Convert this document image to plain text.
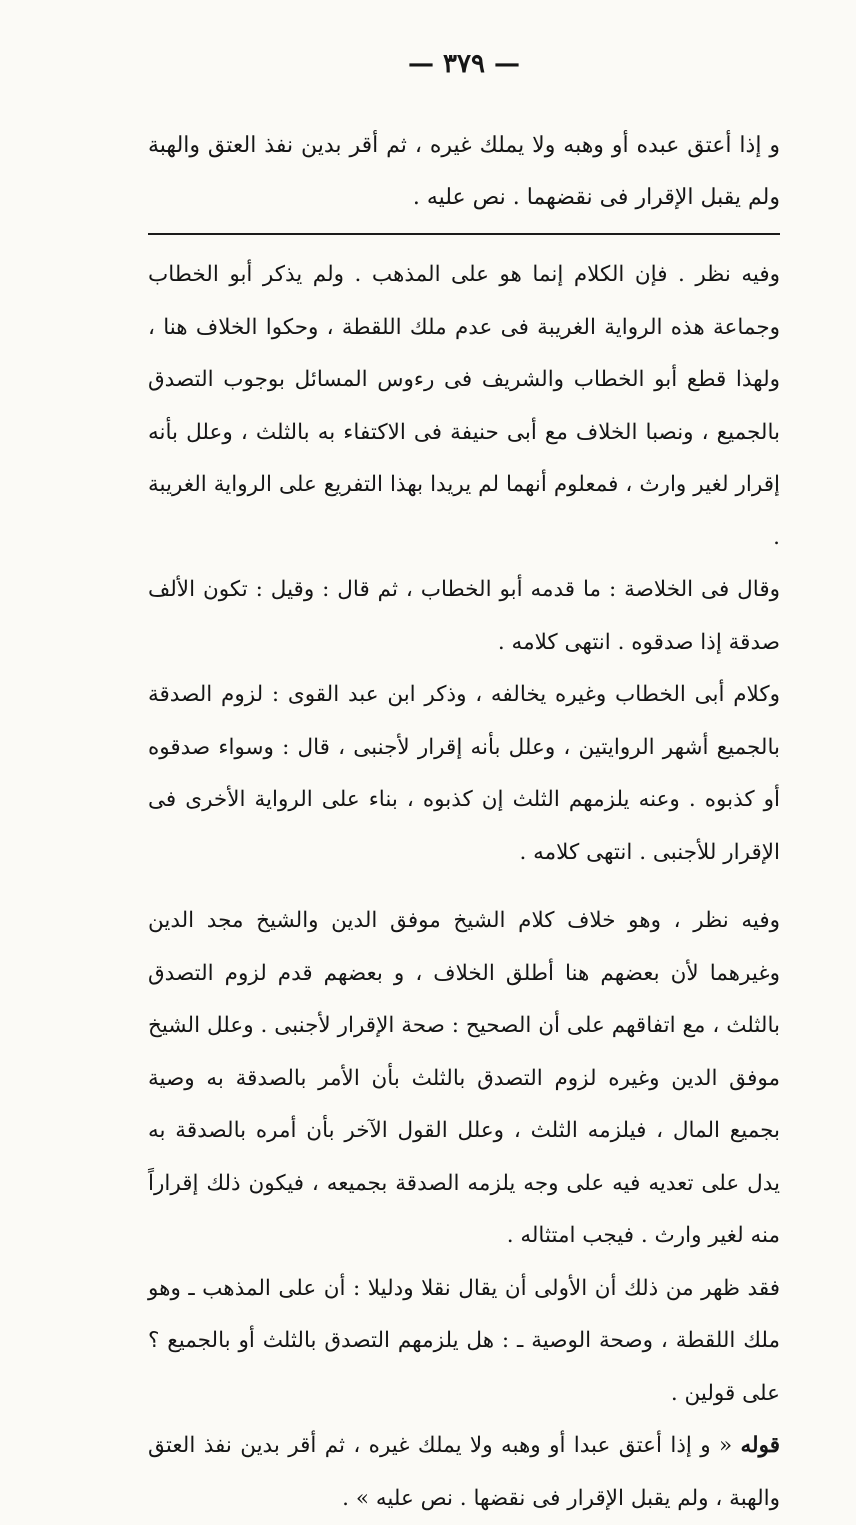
— ٣٧٩ —
و إذا أعتق عبده أو وهبه ولا يملك غيره ، ثم أقر بدين نفذ العتق والهبة ولم يقبل الإقرار فى نقضهما . نص عليه .

وفيه نظر . فإن الكلام إنما هو على المذهب . ولم يذكر أبو الخطاب وجماعة هذه الرواية الغريبة فى عدم ملك اللقطة ، وحكوا الخلاف هنا ، ولهذا قطع أبو الخطاب والشريف فى رءوس المسائل بوجوب التصدق بالجميع ، ونصبا الخلاف مع أبى حنيفة فى الاكتفاء به بالثلث ، وعلل بأنه إقرار لغير وارث ، فمعلوم أنهما لم يريدا بهذا التفريع على الرواية الغريبة .

وقال فى الخلاصة : ما قدمه أبو الخطاب ، ثم قال : وقيل : تكون الألف صدقة إذا صدقوه . انتهى كلامه .

وكلام أبى الخطاب وغيره يخالفه ، وذكر ابن عبد القوى : لزوم الصدقة بالجميع أشهر الروايتين ، وعلل بأنه إقرار لأجنبى ، قال : وسواء صدقوه أو كذبوه . وعنه يلزمهم الثلث إن كذبوه ، بناء على الرواية الأخرى فى الإقرار للأجنبى . انتهى كلامه .

وفيه نظر ، وهو خلاف كلام الشيخ موفق الدين والشيخ مجد الدين وغيرهما لأن بعضهم هنا أطلق الخلاف ، و بعضهم قدم لزوم التصدق بالثلث ، مع اتفاقهم على أن الصحيح : صحة الإقرار لأجنبى . وعلل الشيخ موفق الدين وغيره لزوم التصدق بالثلث بأن الأمر بالصدقة به وصية بجميع المال ، فيلزمه الثلث ، وعلل القول الآخر بأن أمره بالصدقة به يدل على تعديه فيه على وجه يلزمه الصدقة بجميعه ، فيكون ذلك إقراراً منه لغير وارث . فيجب امتثاله .

فقد ظهر من ذلك أن الأولى أن يقال نقلا ودليلا : أن على المذهب ـ وهو ملك اللقطة ، وصحة الوصية ـ : هل يلزمهم التصدق بالثلث أو بالجميع ؟ على قولين .

قوله « و إذا أعتق عبدا أو وهبه ولا يملك غيره ، ثم أقر بدين نفذ العتق والهبة ، ولم يقبل الإقرار فى نقضها . نص عليه » .
